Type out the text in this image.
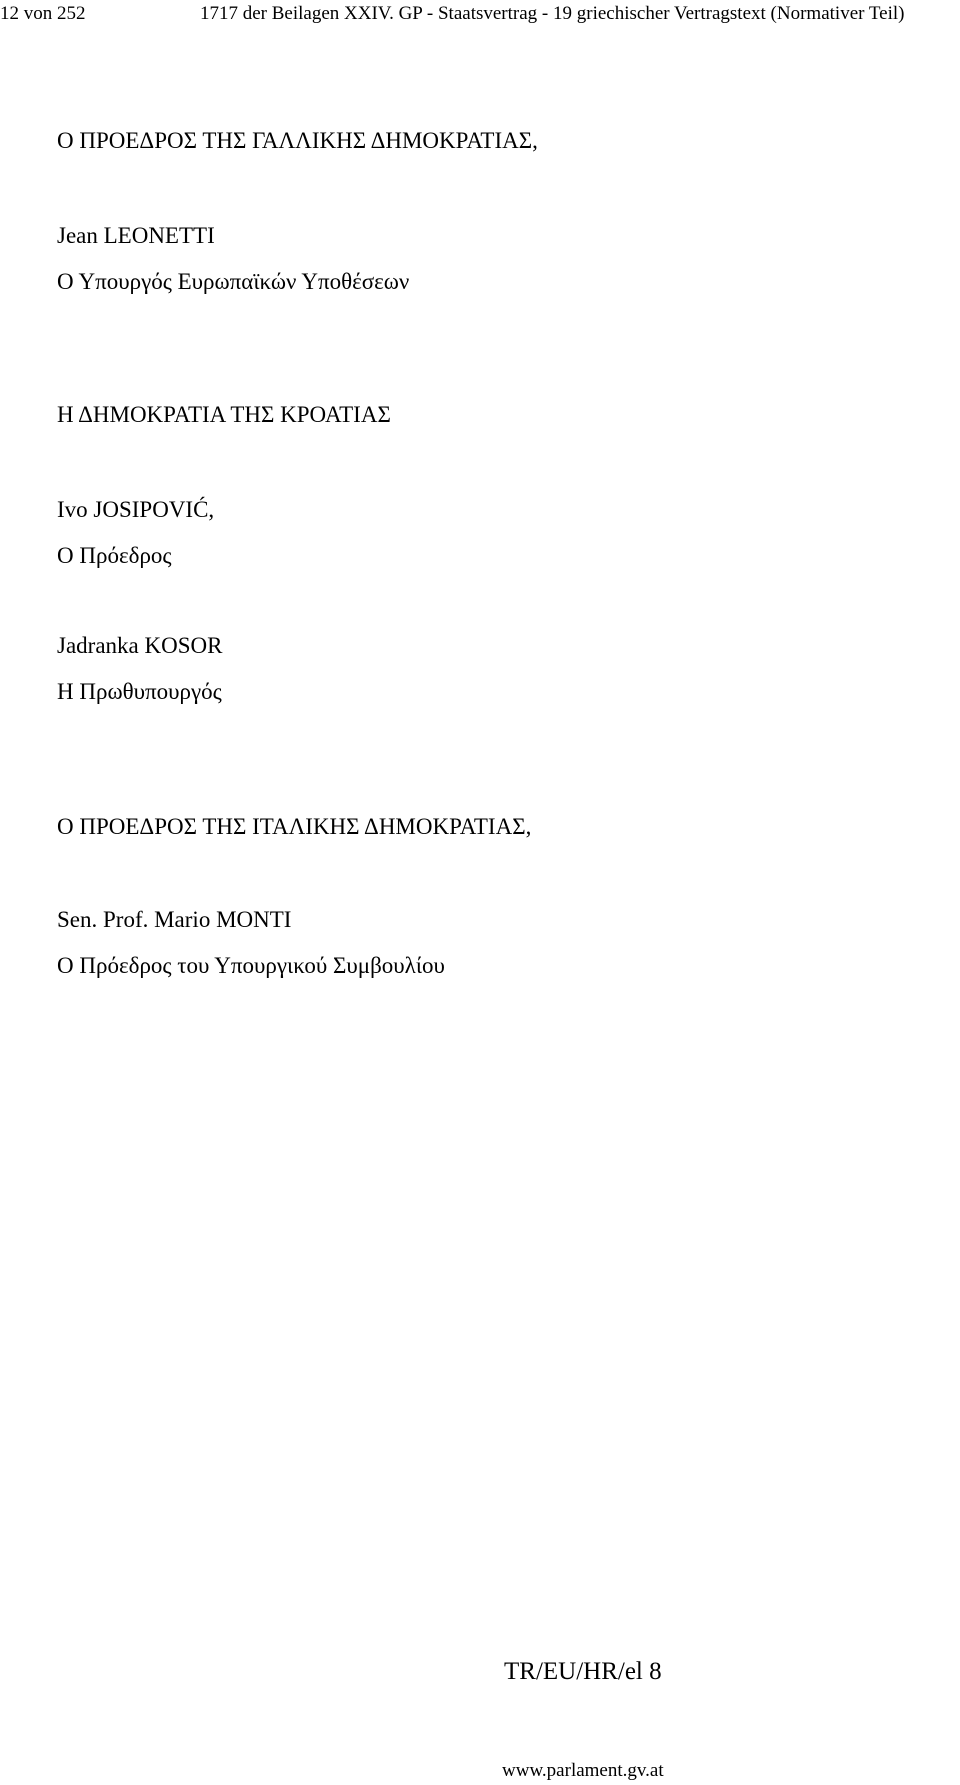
12 von 252	1717 der Beilagen XXIV. GP - Staatsvertrag - 19 griechischer Vertragstext (Normativer Teil)
Ο ΠΡΟΕΔΡΟΣ ΤΗΣ ΓΑΛΛΙΚΗΣ ΔΗΜΟΚΡΑΤΙΑΣ,
Jean LEONETTI
Ο Υπουργός Ευρωπαϊκών Υποθέσεων
Η ΔΗΜΟΚΡΑΤΙΑ ΤΗΣ ΚΡΟΑΤΙΑΣ
Ivo JOSIPOVIĆ,
Ο Πρόεδρος
Jadranka KOSOR
Η Πρωθυπουργός
Ο ΠΡΟΕΔΡΟΣ ΤΗΣ ΙΤΑΛΙΚΗΣ ΔΗΜΟΚΡΑΤΙΑΣ,
Sen. Prof. Mario MONTI
Ο Πρόεδρος του Υπουργικού Συμβουλίου
TR/EU/HR/el 8
www.parlament.gv.at
